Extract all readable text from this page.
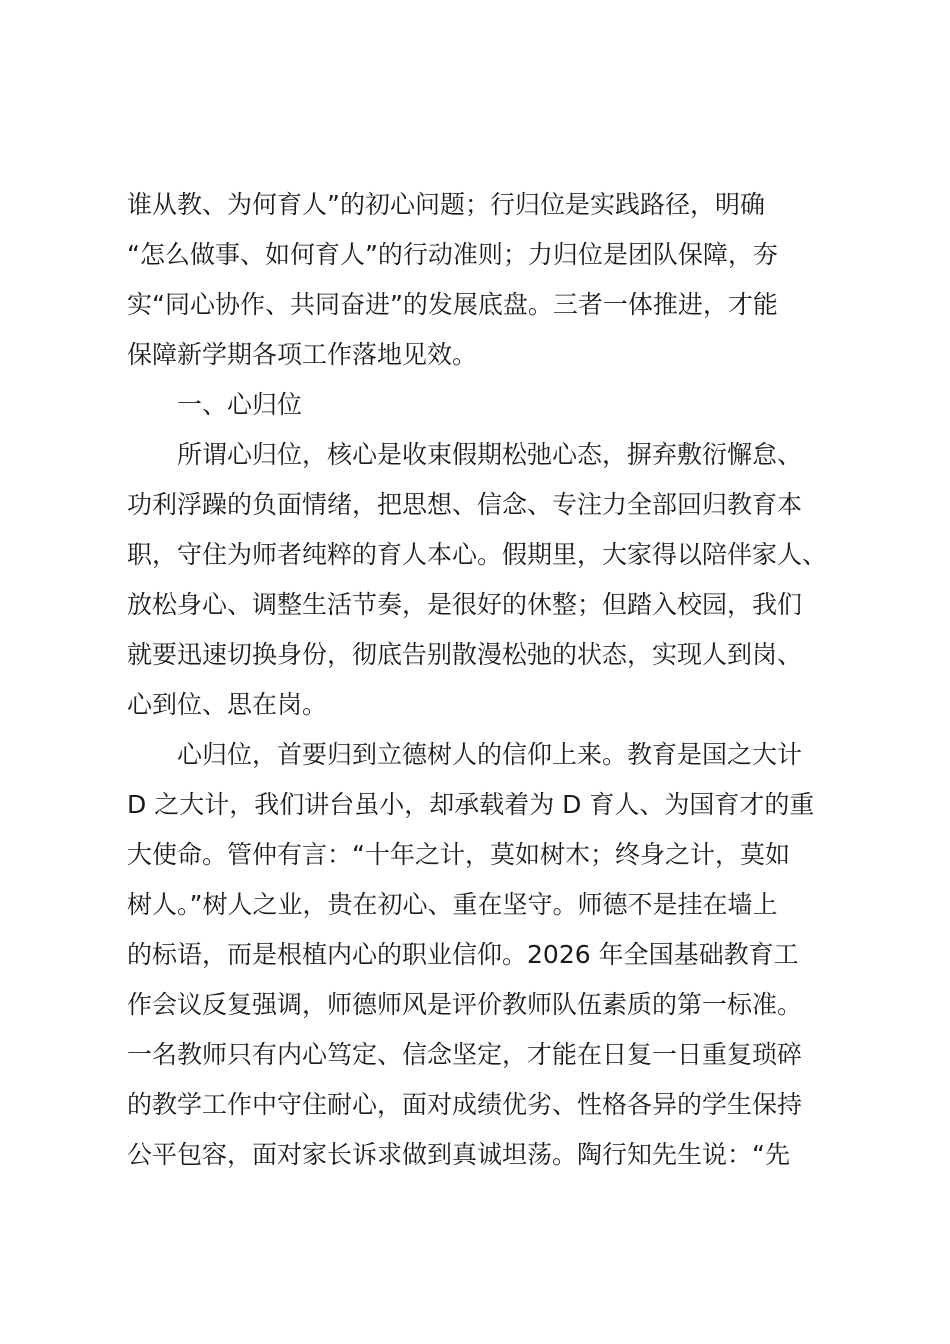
谁从教、为何育人”的初心问题；行归位是实践路径，明确
“怎么做事、如何育人”的行动准则；力归位是团队保障，夯
实“同心协作、共同奋进”的发展底盘。三者一体推进，才能
保障新学期各项工作落地见效。
一、心归位
所谓心归位，核心是收束假期松弛心态，摒弃敷衍懈怠、
功利浮躁的负面情绪，把思想、信念、专注力全部回归教育本
职，守住为师者纯粹的育人本心。假期里，大家得以陪伴家人、
放松身心、调整生活节奏，是很好的休整；但踏入校园，我们
就要迅速切换身份，彻底告别散漫松弛的状态，实现人到岗、
心到位、思在岗。
心归位，首要归到立德树人的信仰上来。教育是国之大计
D 之大计，我们讲台虽小，却承载着为 D 育人、为国育才的重
大使命。管仲有言：“十年之计，莫如树木；终身之计，莫如
树人。”树人之业，贵在初心、重在坚守。师德不是挂在墙上
的标语，而是根植内心的职业信仰。2026 年全国基础教育工
作会议反复强调，师德师风是评价教师队伍素质的第一标准。
一名教师只有内心笃定、信念坚定，才能在日复一日重复琐碎
的教学工作中守住耐心，面对成绩优劣、性格各异的学生保持
公平包容，面对家长诉求做到真诚坦荡。陶行知先生说：“先
